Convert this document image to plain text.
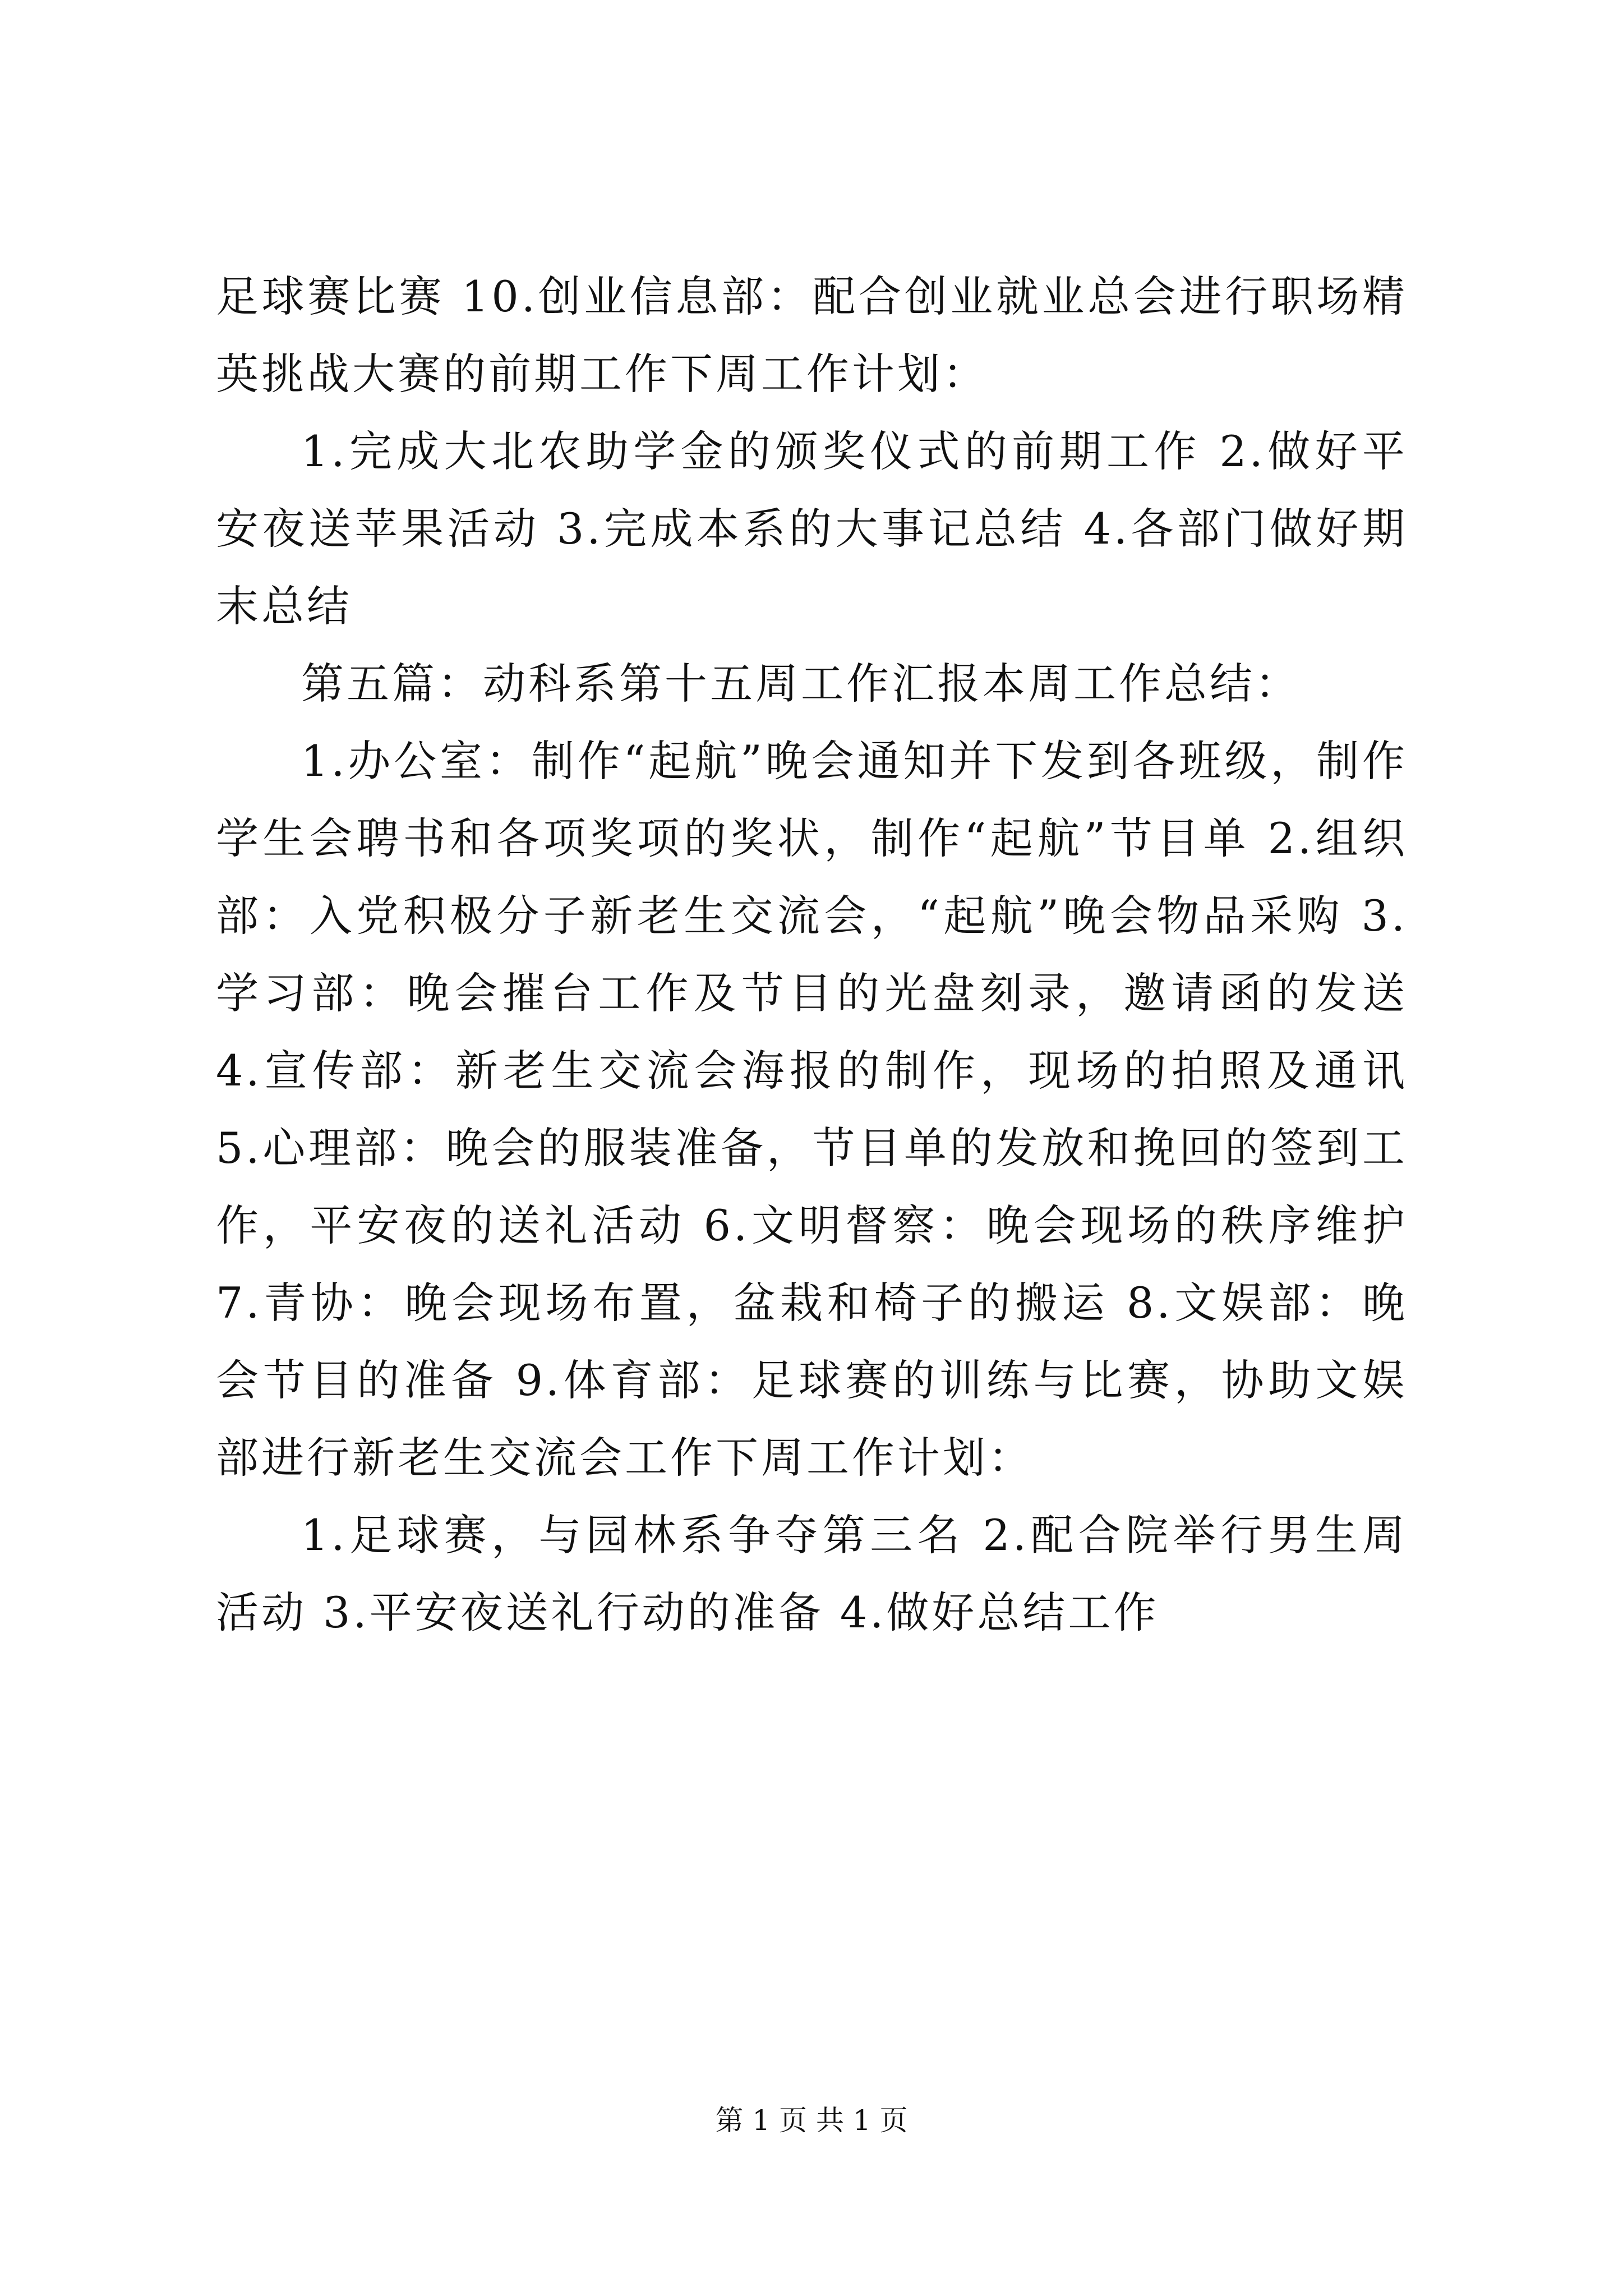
足球赛比赛 10.创业信息部：配合创业就业总会进行职场精英挑战大赛的前期工作下周工作计划：

1.完成大北农助学金的颁奖仪式的前期工作 2.做好平安夜送苹果活动 3.完成本系的大事记总结 4.各部门做好期末总结

第五篇：动科系第十五周工作汇报本周工作总结：

1.办公室：制作“起航”晚会通知并下发到各班级，制作学生会聘书和各项奖项的奖状，制作“起航”节目单 2.组织部：入党积极分子新老生交流会，“起航”晚会物品采购 3.学习部：晚会摧台工作及节目的光盘刻录，邀请函的发送 4.宣传部：新老生交流会海报的制作，现场的拍照及通讯 5.心理部：晚会的服装准备，节目单的发放和挽回的签到工作，平安夜的送礼活动 6.文明督察：晚会现场的秩序维护 7.青协：晚会现场布置，盆栽和椅子的搬运 8.文娱部：晚会节目的准备 9.体育部：足球赛的训练与比赛，协助文娱部进行新老生交流会工作下周工作计划：

1.足球赛，与园林系争夺第三名 2.配合院举行男生周活动 3.平安夜送礼行动的准备 4.做好总结工作

第 1 页 共 1 页
